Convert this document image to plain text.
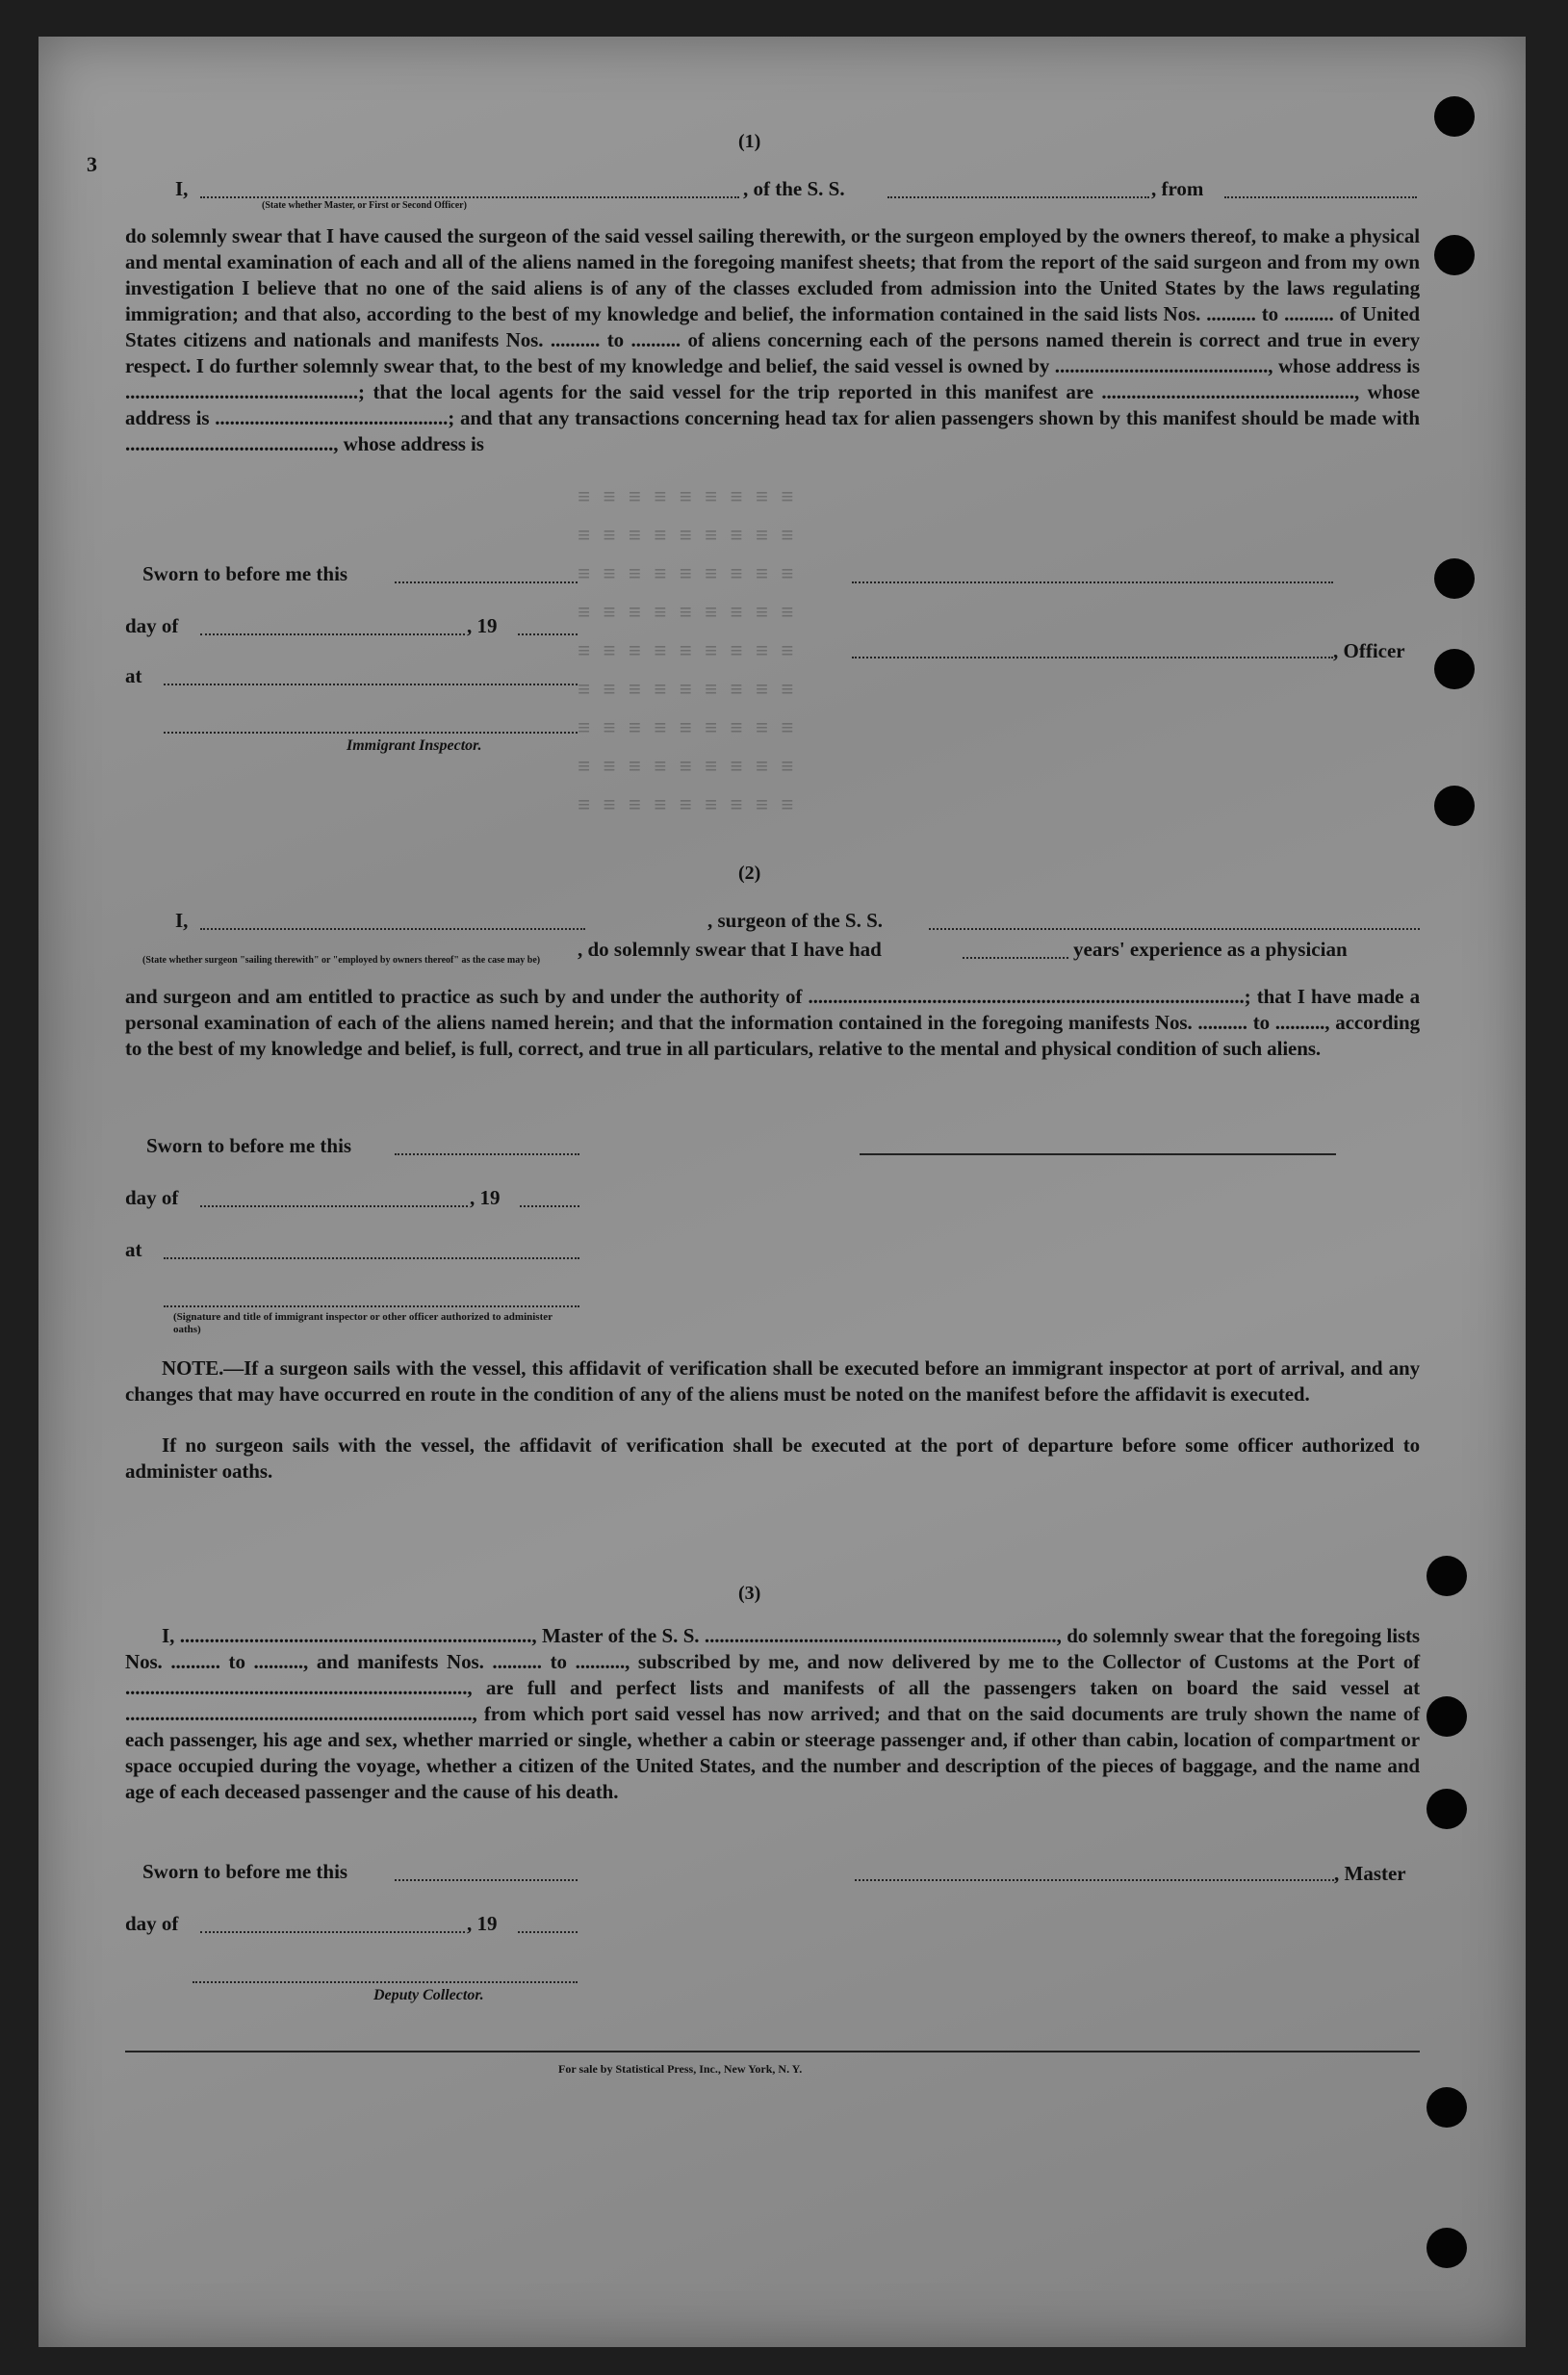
≡ ≡ ≡ ≡ ≡ ≡ ≡ ≡ ≡
≡ ≡ ≡ ≡ ≡ ≡ ≡ ≡ ≡
≡ ≡ ≡ ≡ ≡ ≡ ≡ ≡ ≡
≡ ≡ ≡ ≡ ≡ ≡ ≡ ≡ ≡
≡ ≡ ≡ ≡ ≡ ≡ ≡ ≡ ≡
≡ ≡ ≡ ≡ ≡ ≡ ≡ ≡ ≡
≡ ≡ ≡ ≡ ≡ ≡ ≡ ≡ ≡
≡ ≡ ≡ ≡ ≡ ≡ ≡ ≡ ≡
≡ ≡ ≡ ≡ ≡ ≡ ≡ ≡ ≡
3
(1)
I,
(State whether Master, or First or Second Officer)
, of the S. S.	, from
do solemnly swear that I have caused the surgeon of the said vessel sailing therewith, or the surgeon employed by the owners thereof, to make a physical and mental examination of each and all of the aliens named in the foregoing manifest sheets; that from the report of the said surgeon and from my own investigation I believe that no one of the said aliens is of any of the classes excluded from admission into the United States by the laws regulating immigration; and that also, according to the best of my knowledge and belief, the information contained in the said lists Nos. .......... to .......... of United States citizens and nationals and manifests Nos. .......... to .......... of aliens concerning each of the persons named therein is correct and true in every respect. I do further solemnly swear that, to the best of my knowledge and belief, the said vessel is owned by ..........................................., whose address is ...............................................; that the local agents for the said vessel for the trip reported in this manifest are ..................................................., whose address is ...............................................; and that any transactions concerning head tax for alien passengers shown by this manifest should be made with .........................................., whose address is
Sworn to before me this
day of	, 19
at
, Officer
Immigrant Inspector.
(2)
I,	, surgeon of the S. S.
(State whether surgeon "sailing therewith" or "employed by owners thereof" as the case may be) , do solemnly swear that I have had	years' experience as a physician
and surgeon and am entitled to practice as such by and under the authority of ........................................................................................; that I have made a personal examination of each of the aliens named herein; and that the information contained in the foregoing manifests Nos. .......... to .........., according to the best of my knowledge and belief, is full, correct, and true in all particulars, relative to the mental and physical condition of such aliens.
Sworn to before me this
day of	, 19
at
(Signature and title of immigrant inspector or other officer authorized to administer oaths)
NOTE.—If a surgeon sails with the vessel, this affidavit of verification shall be executed before an immigrant inspector at port of arrival, and any changes that may have occurred en route in the condition of any of the aliens must be noted on the manifest before the affidavit is executed.
If no surgeon sails with the vessel, the affidavit of verification shall be executed at the port of departure before some officer authorized to administer oaths.
(3)
I, ......................................................................., Master of the S. S. ......................................................................., do solemnly swear that the foregoing lists Nos. .......... to .........., and manifests Nos. .......... to .........., subscribed by me, and now delivered by me to the Collector of Customs at the Port of ....................................................................., are full and perfect lists and manifests of all the passengers taken on board the said vessel at ......................................................................, from which port said vessel has now arrived; and that on the said documents are truly shown the name of each passenger, his age and sex, whether married or single, whether a cabin or steerage passenger and, if other than cabin, location of compartment or space occupied during the voyage, whether a citizen of the United States, and the number and description of the pieces of baggage, and the name and age of each deceased passenger and the cause of his death.
Sworn to before me this	, Master
day of	, 19
Deputy Collector.
For sale by Statistical Press, Inc., New York, N. Y.
